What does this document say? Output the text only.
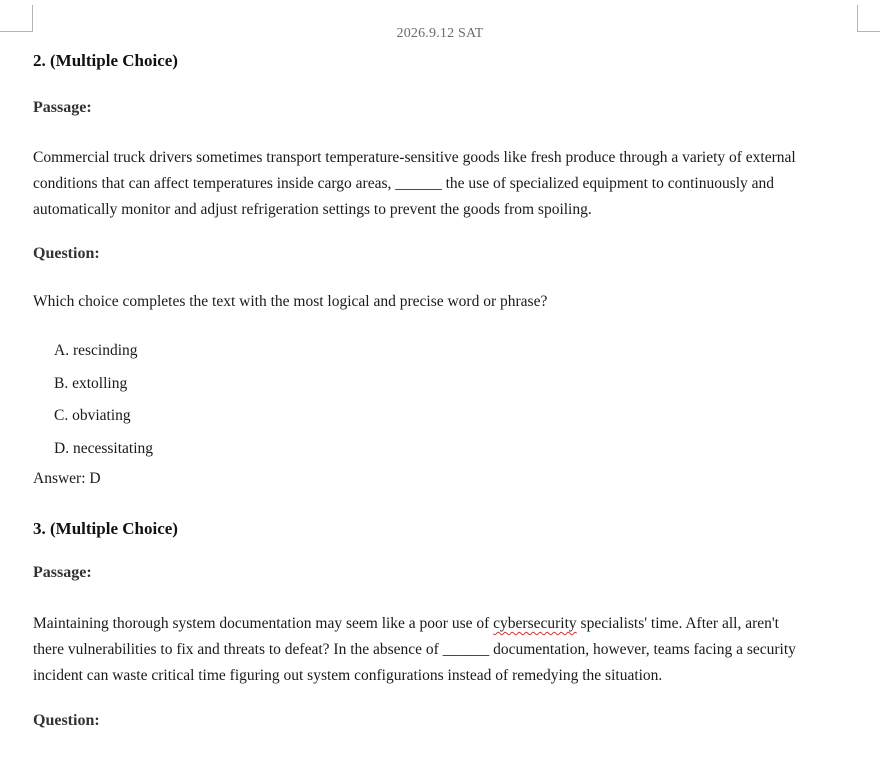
2026.9.12 SAT
2. (Multiple Choice)
Passage:
Commercial truck drivers sometimes transport temperature-sensitive goods like fresh produce through a variety of external
conditions that can affect temperatures inside cargo areas, ______ the use of specialized equipment to continuously and
automatically monitor and adjust refrigeration settings to prevent the goods from spoiling.
Question:
Which choice completes the text with the most logical and precise word or phrase?
A. rescinding
B. extolling
C. obviating
D. necessitating
Answer: D
3. (Multiple Choice)
Passage:
Maintaining thorough system documentation may seem like a poor use of cybersecurity specialists' time. After all, aren't
there vulnerabilities to fix and threats to defeat? In the absence of ______ documentation, however, teams facing a security
incident can waste critical time figuring out system configurations instead of remedying the situation.
Question:
